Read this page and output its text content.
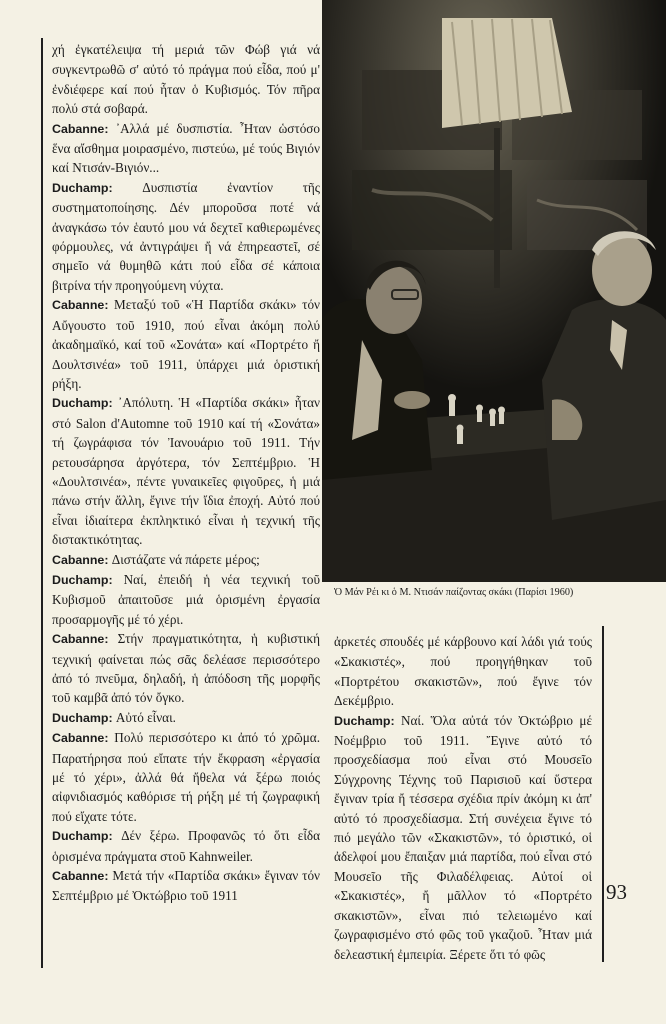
χή ἐγκατέλειψα τή μεριά τῶν Φώβ γιά νά συγκεντρωθῶ σ' αὐτό τό πράγμα πού εἶδα, πού μ' ἐνδιέφερε καί πού ἦταν ὁ Κυβισμός. Τόν πῆρα πολύ στά σοβαρά.

Cabanne: ᾿Αλλά μέ δυσπιστία. Ἦταν ὡστόσο ἕνα αἴσθημα μοιρασμένο, πιστεύω, μέ τούς Βιγιόν καί Ντισάν-Βιγιόν...

Duchamp: Δυσπιστία ἐναντίον τῆς συστηματοποίησης. Δέν μποροῦσα ποτέ νά ἀναγκάσω τόν ἑαυτό μου νά δεχτεῖ καθιερωμένες φόρμουλες, νά ἀντιγράψει ἤ νά ἐπηρεαστεῖ, σέ σημεῖο νά θυμηθῶ κάτι πού εἶδα σέ κάποια βιτρίνα τήν προηγούμενη νύχτα.

Cabanne: Μεταξύ τοῦ «Ἡ Παρτίδα σκάκι» τόν Αὔγουστο τοῦ 1910, πού εἶναι ἀκόμη πολύ ἀκαδημαϊκό, καί τοῦ «Σονάτα» καί «Πορτρέτο ἤ Δουλτσινέα» τοῦ 1911, ὑπάρχει μιά ὁριστική ρήξη.

Duchamp: ᾿Απόλυτη. Ἡ «Παρτίδα σκάκι» ἦταν στό Salon d'Automne τοῦ 1910 καί τή «Σονάτα» τή ζωγράφισα τόν Ἰανουάριο τοῦ 1911. Τήν ρετουσάρησα ἀργότερα, τόν Σεπτέμβριο. Ἡ «Δουλτσινέα», πέντε γυναικεῖες φιγοῦρες, ἡ μιά πάνω στήν ἄλλη, ἔγινε τήν ἴδια ἐποχή. Αὐτό πού εἶναι ἰδιαίτερα ἐκπληκτικό εἶναι ἡ τεχνική τῆς διστακτικότητας.

Cabanne: Διστάζατε νά πάρετε μέρος;

Duchamp: Ναί, ἐπειδή ἡ νέα τεχνική τοῦ Κυβισμοῦ ἀπαιτοῦσε μιά ὁρισμένη ἐργασία προσαρμογῆς μέ τό χέρι.

Cabanne: Στήν πραγματικότητα, ἡ κυβιστική τεχνική φαίνεται πώς σᾶς δελέασε περισσότερο ἀπό τό πνεῦμα, δηλαδή, ἡ ἀπόδοση τῆς μορφῆς τοῦ καμβᾶ ἀπό τόν ὄγκο.

Duchamp: Αὐτό εἶναι.

Cabanne: Πολύ περισσότερο κι ἀπό τό χρῶμα. Παρατήρησα πού εἴπατε τήν ἔκφραση «ἐργασία μέ τό χέρι», ἀλλά θά ἤθελα νά ξέρω ποιός αἰφνιδιασμός καθόρισε τή ρήξη μέ τή ζωγραφική πού εἴχατε τότε.

Duchamp: Δέν ξέρω. Προφανῶς τό ὅτι εἶδα ὁρισμένα πράγματα στοῦ Kahnweiler.

Cabanne: Μετά τήν «Παρτίδα σκάκι» ἔγιναν τόν Σεπτέμβριο μέ Ὀκτώβριο τοῦ 1911

Ὁ Μάν Ρέι κι ὁ Μ. Ντισάν παίζοντας σκάκι (Παρίσι 1960)

ἀρκετές σπουδές μέ κάρβουνο καί λάδι γιά τούς «Σκακιστές», πού προηγήθηκαν τοῦ «Πορτρέτου σκακιστῶν», πού ἔγινε τόν Δεκέμβριο.

Duchamp: Ναί. Ὅλα αὐτά τόν Ὀκτώβριο μέ Νοέμβριο τοῦ 1911. Ἔγινε αὐτό τό προσχεδίασμα πού εἶναι στό Μουσεῖο Σύγχρονης Τέχνης τοῦ Παρισιοῦ καί ὕστερα ἔγιναν τρία ἤ τέσσερα σχέδια πρίν ἀκόμη κι ἀπ' αὐτό τό προσχεδίασμα. Στή συνέχεια ἔγινε τό πιό μεγάλο τῶν «Σκακιστῶν», τό ὁριστικό, οἱ ἀδελφοί μου ἔπαιξαν μιά παρτίδα, πού εἶναι στό Μουσεῖο τῆς Φιλαδέλφειας. Αὐτοί οἱ «Σκακιστές», ἤ μᾶλλον τό «Πορτρέτο σκακιστῶν», εἶναι πιό τελειωμένο καί ζωγραφισμένο στό φῶς τοῦ γκαζιοῦ. Ἦταν μιά δελεαστική ἐμπειρία. Ξέρετε ὅτι τό φῶς

93
